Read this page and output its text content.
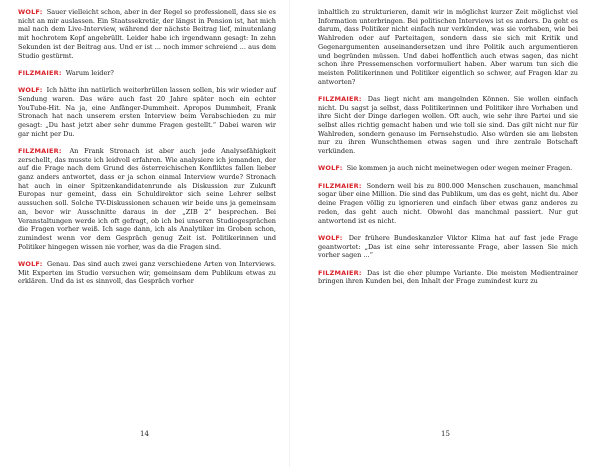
WOLF: Sauer vielleicht schon, aber in der Regel so professionell, dass sie es nicht an mir auslassen. Ein Staatssekretär, der längst in Pension ist, hat mich mal nach dem Live-Interview, während der nächste Beitrag lief, minutenlang mit hochrotem Kopf angebrüllt. Leider habe ich irgendwann gesagt: In zehn Sekunden ist der Beitrag aus. Und er ist ... noch immer schreiend ... aus dem Studio gestürmt.

FILZMAIER: Warum leider?

WOLF: Ich hätte ihn natürlich weiterbrüllen lassen sollen, bis wir wieder auf Sendung waren. Das wäre auch fast 20 Jahre später noch ein echter YouTube-Hit. Na ja, eine Anfänger-Dummheit. Apropos Dummheit, Frank Stronach hat nach unserem ersten Interview beim Verabschieden zu mir gesagt: „Du hast jetzt aber sehr dumme Fragen gestellt.“ Dabei waren wir gar nicht per Du.

FILZMAIER: An Frank Stronach ist aber auch jede Analysefähigkeit zerschellt, das musste ich leidvoll erfahren. Wie analysiere ich jemanden, der auf die Frage nach dem Grund des österreichischen Konfliktes fallen lieber ganz anders antwortet, dass er ja schon einmal Interview wurde? Stronach hat auch in einer Spitzenkandidatenrunde als Diskussion zur Zukunft Europas nur gemeint, dass ein Schuldirektor sich seine Lehrer selbst aussuchen soll. Solche TV-Diskussionen schauen wir beide uns ja gemeinsam an, bevor wir Ausschnitte daraus in der „ZIB 2“ besprechen. Bei Veranstaltungen werde ich oft gefragt, ob ich bei unseren Studiogesprächen die Fragen vorher weiß. Ich sage dann, ich als Analytiker im Groben schon, zumindest wenn vor dem Gespräch genug Zeit ist. Politikerinnen und Politiker hingegen wissen nie vorher, was da die Fragen sind.

WOLF: Genau. Das sind auch zwei ganz verschiedene Arten von Interviews. Mit Experten im Studio versuchen wir, gemeinsam dem Publikum etwas zu erklären. Und da ist es sinnvoll, das Gespräch vorher

14

inhaltlich zu strukturieren, damit wir in möglichst kurzer Zeit möglichst viel Information unterbringen. Bei politischen Interviews ist es anders. Da geht es darum, dass Politiker nicht einfach nur verkünden, was sie vorhaben, wie bei Wahlreden oder auf Parteitagen, sondern dass sie sich mit Kritik und Gegenargumenten auseinandersetzen und ihre Politik auch argumentieren und begründen müssen. Und dabei hoffentlich auch etwas sagen, das nicht schon ihre Pressemenschen vorformuliert haben. Aber warum tun sich die meisten Politikerinnen und Politiker eigentlich so schwer, auf Fragen klar zu antworten?

FILZMAIER: Das liegt nicht am mangelnden Können. Sie wollen einfach nicht. Du sagst ja selbst, dass Politikerinnen und Politiker ihre Vorhaben und ihre Sicht der Dinge darlegen wollen. Oft auch, wie sehr ihre Partei und sie selbst alles richtig gemacht haben und wie toll sie sind. Das gilt nicht nur für Wahlreden, sondern genauso im Fernsehstudio. Also würden sie am liebsten nur zu ihren Wunschthemen etwas sagen und ihre zentrale Botschaft verkünden.

WOLF: Sie kommen ja auch nicht meinetwegen oder wegen meiner Fragen.

FILZMAIER: Sondern weil bis zu 800.000 Menschen zuschauen, manchmal sogar über eine Million. Die sind das Publikum, um das es geht, nicht du. Aber deine Fragen völlig zu ignorieren und einfach über etwas ganz anderes zu reden, das geht auch nicht. Obwohl das manchmal passiert. Nur gut antwortend ist es nicht.

WOLF: Der frühere Bundeskanzler Viktor Klima hat auf fast jede Frage geantwortet: „Das ist eine sehr interessante Frage, aber lassen Sie mich vorher sagen ...“

FILZMAIER: Das ist die eher plumpe Variante. Die meisten Medientrainer bringen ihren Kunden bei, den Inhalt der Frage zumindest kurz zu

15
